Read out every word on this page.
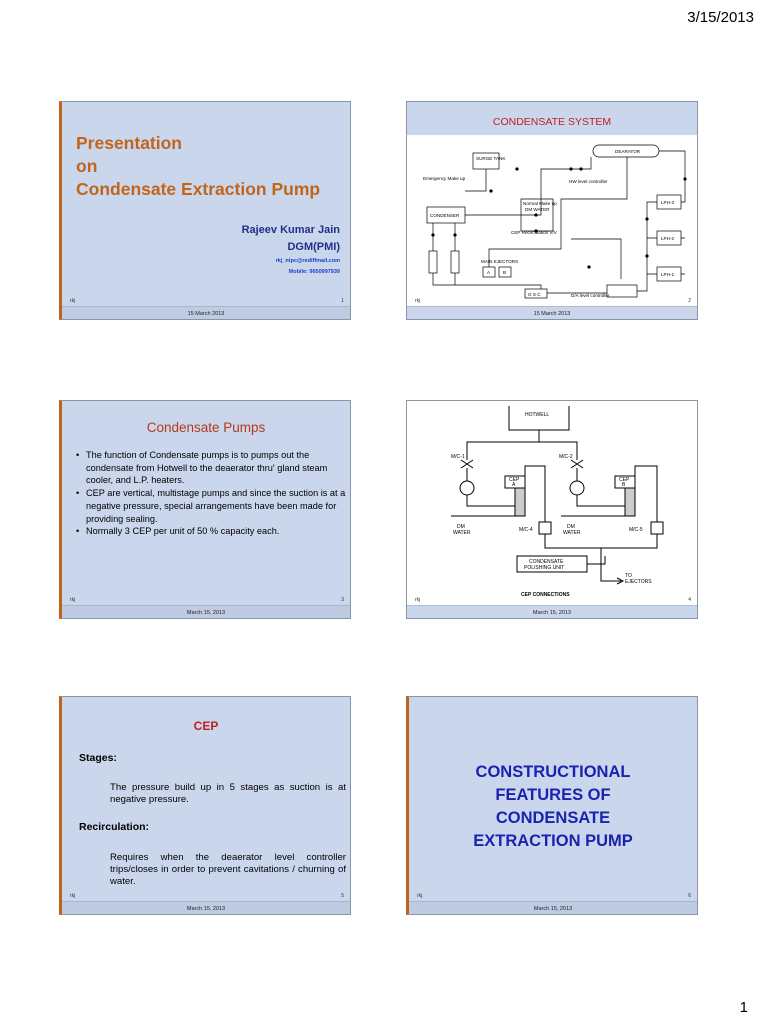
3/15/2013
Presentation
on
Condensate Extraction Pump
Rajeev Kumar Jain
DGM(PMI)
rkj_ntpc@rediffmail.com
Mobile: 9650997939
rkj	1
15 March 2013
CONDENSATE SYSTEM
DEARATOR
SURGE TANK
Emergency Make up
HW level controller
Normal Make up
DM WATER
CONDENSER
CEP Recirculation V/V
D/A level controller
G S C
MAIN EJECTORS
A	B
LPH-3
LPH-2
LPH-1
rkj	2
15 March 2013
Condensate Pumps
• The function of Condensate pumps is to pumps out the condensate from Hotwell to the deaerator thru' gland steam cooler, and L.P. heaters.
• CEP are vertical, multistage pumps and since the suction is at a negative pressure, special arrangements have been made for providing sealing.
• Normally 3 CEP per unit of 50 % capacity each.
rkj	3
March 15, 2013
HOTWELL
M/C-1	M/C-2
CEP
A
CEP
B
DM
WATER
DM
WATER
M/C-4	M/C-5
CONDENSATE
POLISHING UNIT
TO
EJECTORS
CEP CONNECTIONS
rkj	4
March 15, 2013
CEP
Stages:
The pressure build up in 5 stages as suction is at negative pressure.
Recirculation:
Requires when the deaerator level controller trips/closes in order to prevent cavitations / churning of water.
rkj	5
March 15, 2013
CONSTRUCTIONAL
FEATURES OF
CONDENSATE
EXTRACTION PUMP
rkj	6
March 15, 2013
1
